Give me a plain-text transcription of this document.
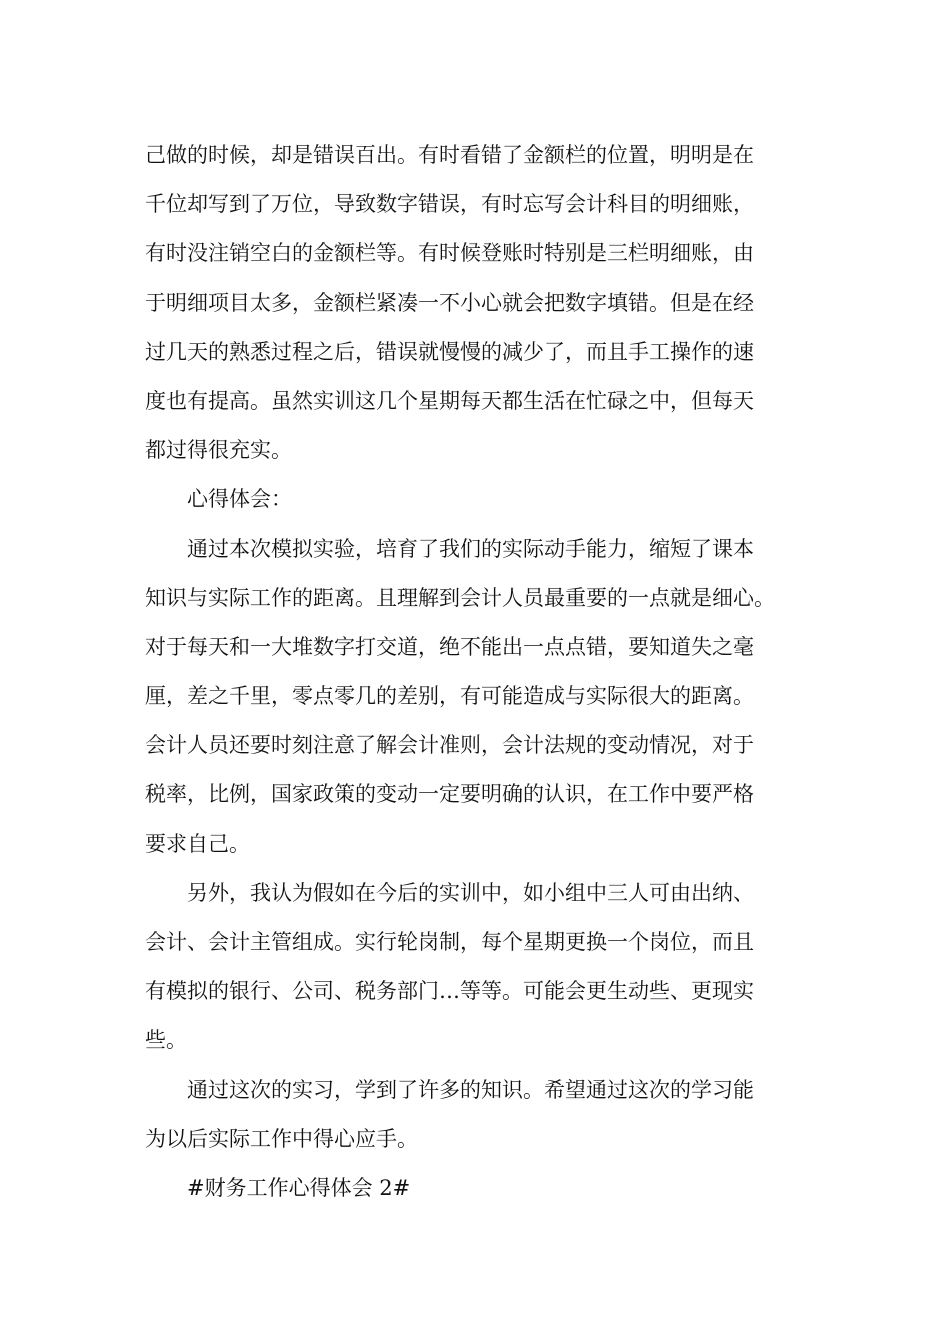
己做的时候，却是错误百出。有时看错了金额栏的位置，明明是在
千位却写到了万位，导致数字错误，有时忘写会计科目的明细账，
有时没注销空白的金额栏等。有时候登账时特别是三栏明细账，由
于明细项目太多，金额栏紧凑一不小心就会把数字填错。但是在经
过几天的熟悉过程之后，错误就慢慢的减少了，而且手工操作的速
度也有提高。虽然实训这几个星期每天都生活在忙碌之中，但每天
都过得很充实。
　　心得体会：
　　通过本次模拟实验，培育了我们的实际动手能力，缩短了课本
知识与实际工作的距离。且理解到会计人员最重要的一点就是细心。
对于每天和一大堆数字打交道，绝不能出一点点错，要知道失之毫
厘，差之千里，零点零几的差别，有可能造成与实际很大的距离。
会计人员还要时刻注意了解会计准则，会计法规的变动情况，对于
税率，比例，国家政策的变动一定要明确的认识，在工作中要严格
要求自己。
　　另外，我认为假如在今后的实训中，如小组中三人可由出纳、
会计、会计主管组成。实行轮岗制，每个星期更换一个岗位，而且
有模拟的银行、公司、税务部门…等等。可能会更生动些、更现实
些。
　　通过这次的实习，学到了许多的知识。希望通过这次的学习能
为以后实际工作中得心应手。
　　#财务工作心得体会 2#
